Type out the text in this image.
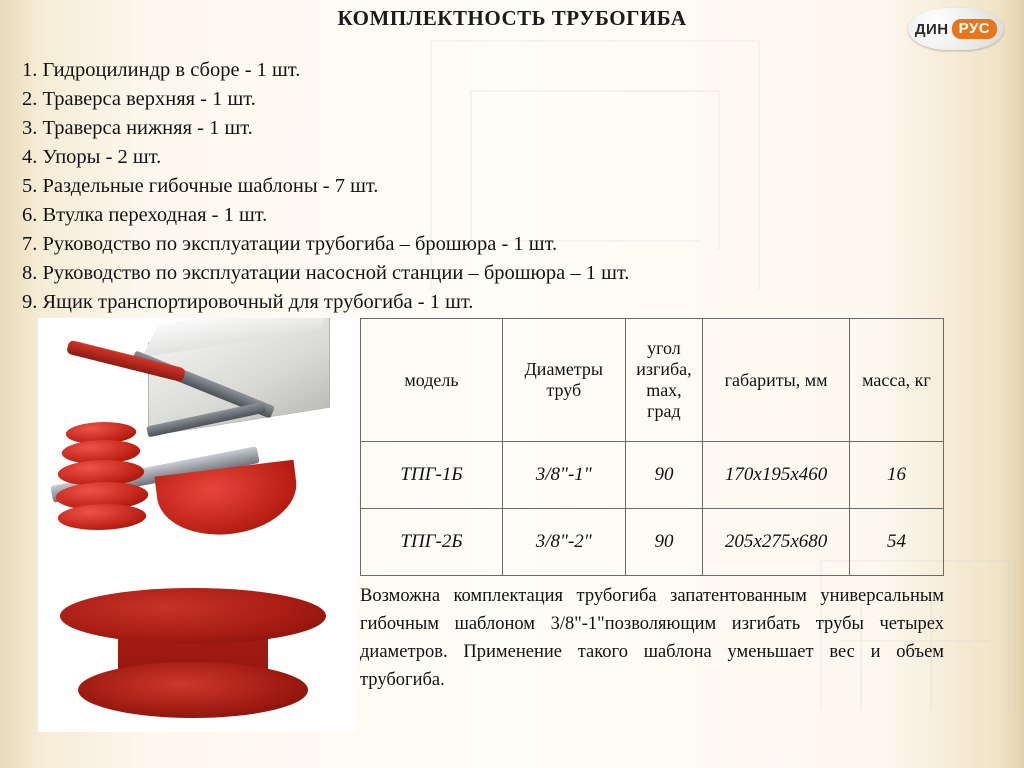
КОМПЛЕКТНОСТЬ ТРУБОГИБА	ДИН РУС
1. Гидроцилиндр в сборе - 1 шт.
2. Траверса верхняя - 1 шт.
3. Траверса нижняя - 1 шт.
4. Упоры - 2 шт.
5. Раздельные гибочные шаблоны - 7 шт.
6. Втулка переходная - 1 шт.
7. Руководство по эксплуатации трубогиба – брошюра - 1 шт.
8. Руководство по эксплуатации насосной станции – брошюра – 1 шт.
9. Ящик транспортировочный для трубогиба - 1 шт.
модель	Диаметры труб	угол изгиба, max, град	габариты, мм	масса, кг
ТПГ-1Б	3/8"-1"	90	170х195х460	16
ТПГ-2Б	3/8"-2"	90	205х275х680	54

Возможна комплектация трубогиба запатентованным универсальным гибочным шаблоном 3/8"-1"позволяющим изгибать трубы четырех диаметров. Применение такого шаблона уменьшает вес и объем трубогиба.
